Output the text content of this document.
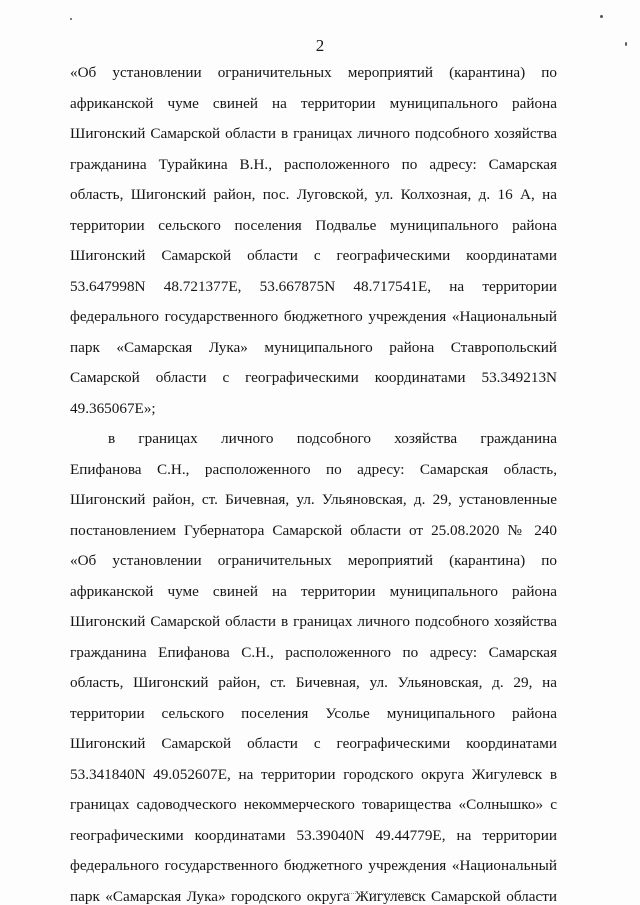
2
«Об установлении ограничительных мероприятий (карантина) по
африканской чуме свиней на территории муниципального района
Шигонский Самарской области в границах личного подсобного хозяйства
гражданина Турайкина В.Н., расположенного по адресу: Самарская
область, Шигонский район, пос. Луговской, ул. Колхозная, д. 16 А, на
территории сельского поселения Подвалье муниципального района
Шигонский Самарской области с географическими координатами
53.647998N 48.721377E, 53.667875N 48.717541E, на территории
федерального государственного бюджетного учреждения «Национальный
парк «Самарская Лука» муниципального района Ставропольский
Самарской области с географическими координатами 53.349213N
49.365067E»;
в границах личного подсобного хозяйства гражданина
Епифанова С.Н., расположенного по адресу: Самарская область,
Шигонский район, ст. Бичевная, ул. Ульяновская, д. 29, установленные
постановлением Губернатора Самарской области от 25.08.2020 № 240
«Об установлении ограничительных мероприятий (карантина) по
африканской чуме свиней на территории муниципального района
Шигонский Самарской области в границах личного подсобного хозяйства
гражданина Епифанова С.Н., расположенного по адресу: Самарская
область, Шигонский район, ст. Бичевная, ул. Ульяновская, д. 29, на
территории сельского поселения Усолье муниципального района
Шигонский Самарской области с географическими координатами
53.341840N 49.052607E, на территории городского округа Жигулевск в
границах садоводческого некоммерческого товарищества «Солнышко» с
географическими координатами 53.39040N 49.44779E, на территории
федерального государственного бюджетного учреждения «Национальный
парк «Самарская Лука» городского округа Жигулевск Самарской области
